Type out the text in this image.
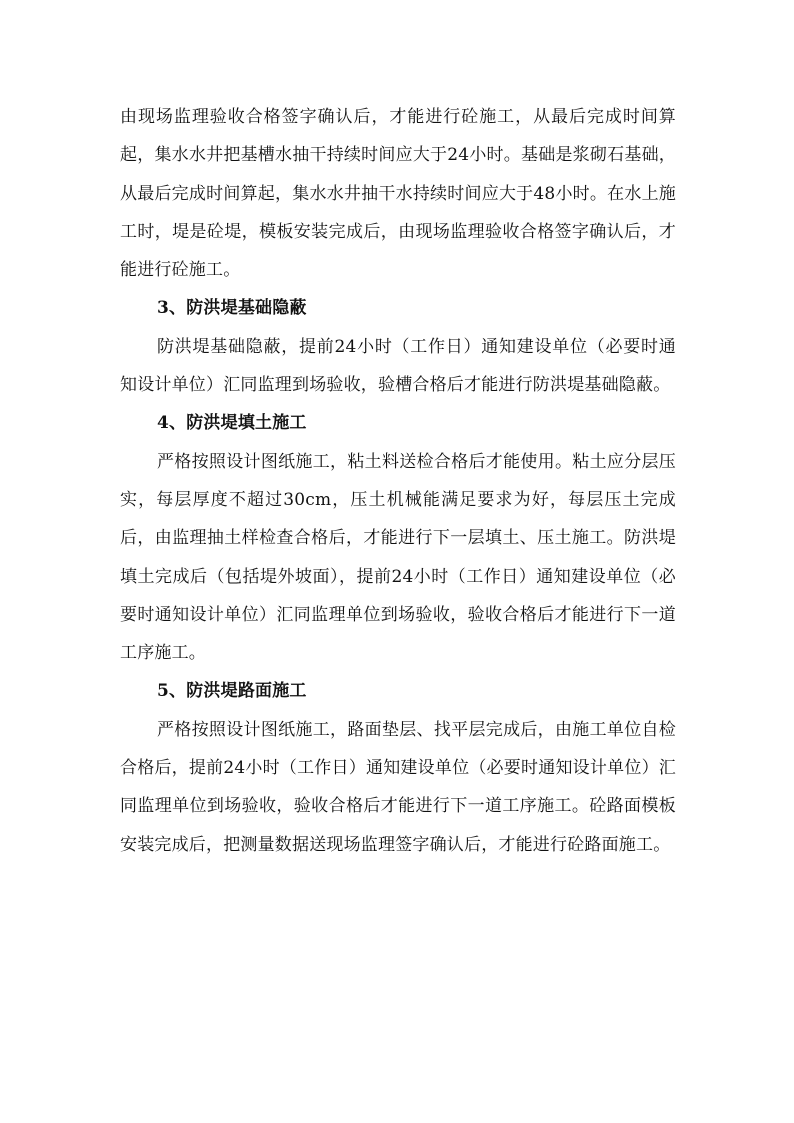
由现场监理验收合格签字确认后，才能进行砼施工，从最后完成时间算起，集水水井把基槽水抽干持续时间应大于24小时。基础是浆砌石基础，从最后完成时间算起，集水水井抽干水持续时间应大于48小时。在水上施工时，堤是砼堤，模板安装完成后，由现场监理验收合格签字确认后，才能进行砼施工。

3、防洪堤基础隐蔽

防洪堤基础隐蔽，提前24小时（工作日）通知建设单位（必要时通知设计单位）汇同监理到场验收，验槽合格后才能进行防洪堤基础隐蔽。

4、防洪堤填土施工

严格按照设计图纸施工，粘土料送检合格后才能使用。粘土应分层压实，每层厚度不超过30cm，压土机械能满足要求为好，每层压土完成后，由监理抽土样检查合格后，才能进行下一层填土、压土施工。防洪堤填土完成后（包括堤外坡面），提前24小时（工作日）通知建设单位（必要时通知设计单位）汇同监理单位到场验收，验收合格后才能进行下一道工序施工。

5、防洪堤路面施工

严格按照设计图纸施工，路面垫层、找平层完成后，由施工单位自检合格后，提前24小时（工作日）通知建设单位（必要时通知设计单位）汇同监理单位到场验收，验收合格后才能进行下一道工序施工。砼路面模板安装完成后，把测量数据送现场监理签字确认后，才能进行砼路面施工。
